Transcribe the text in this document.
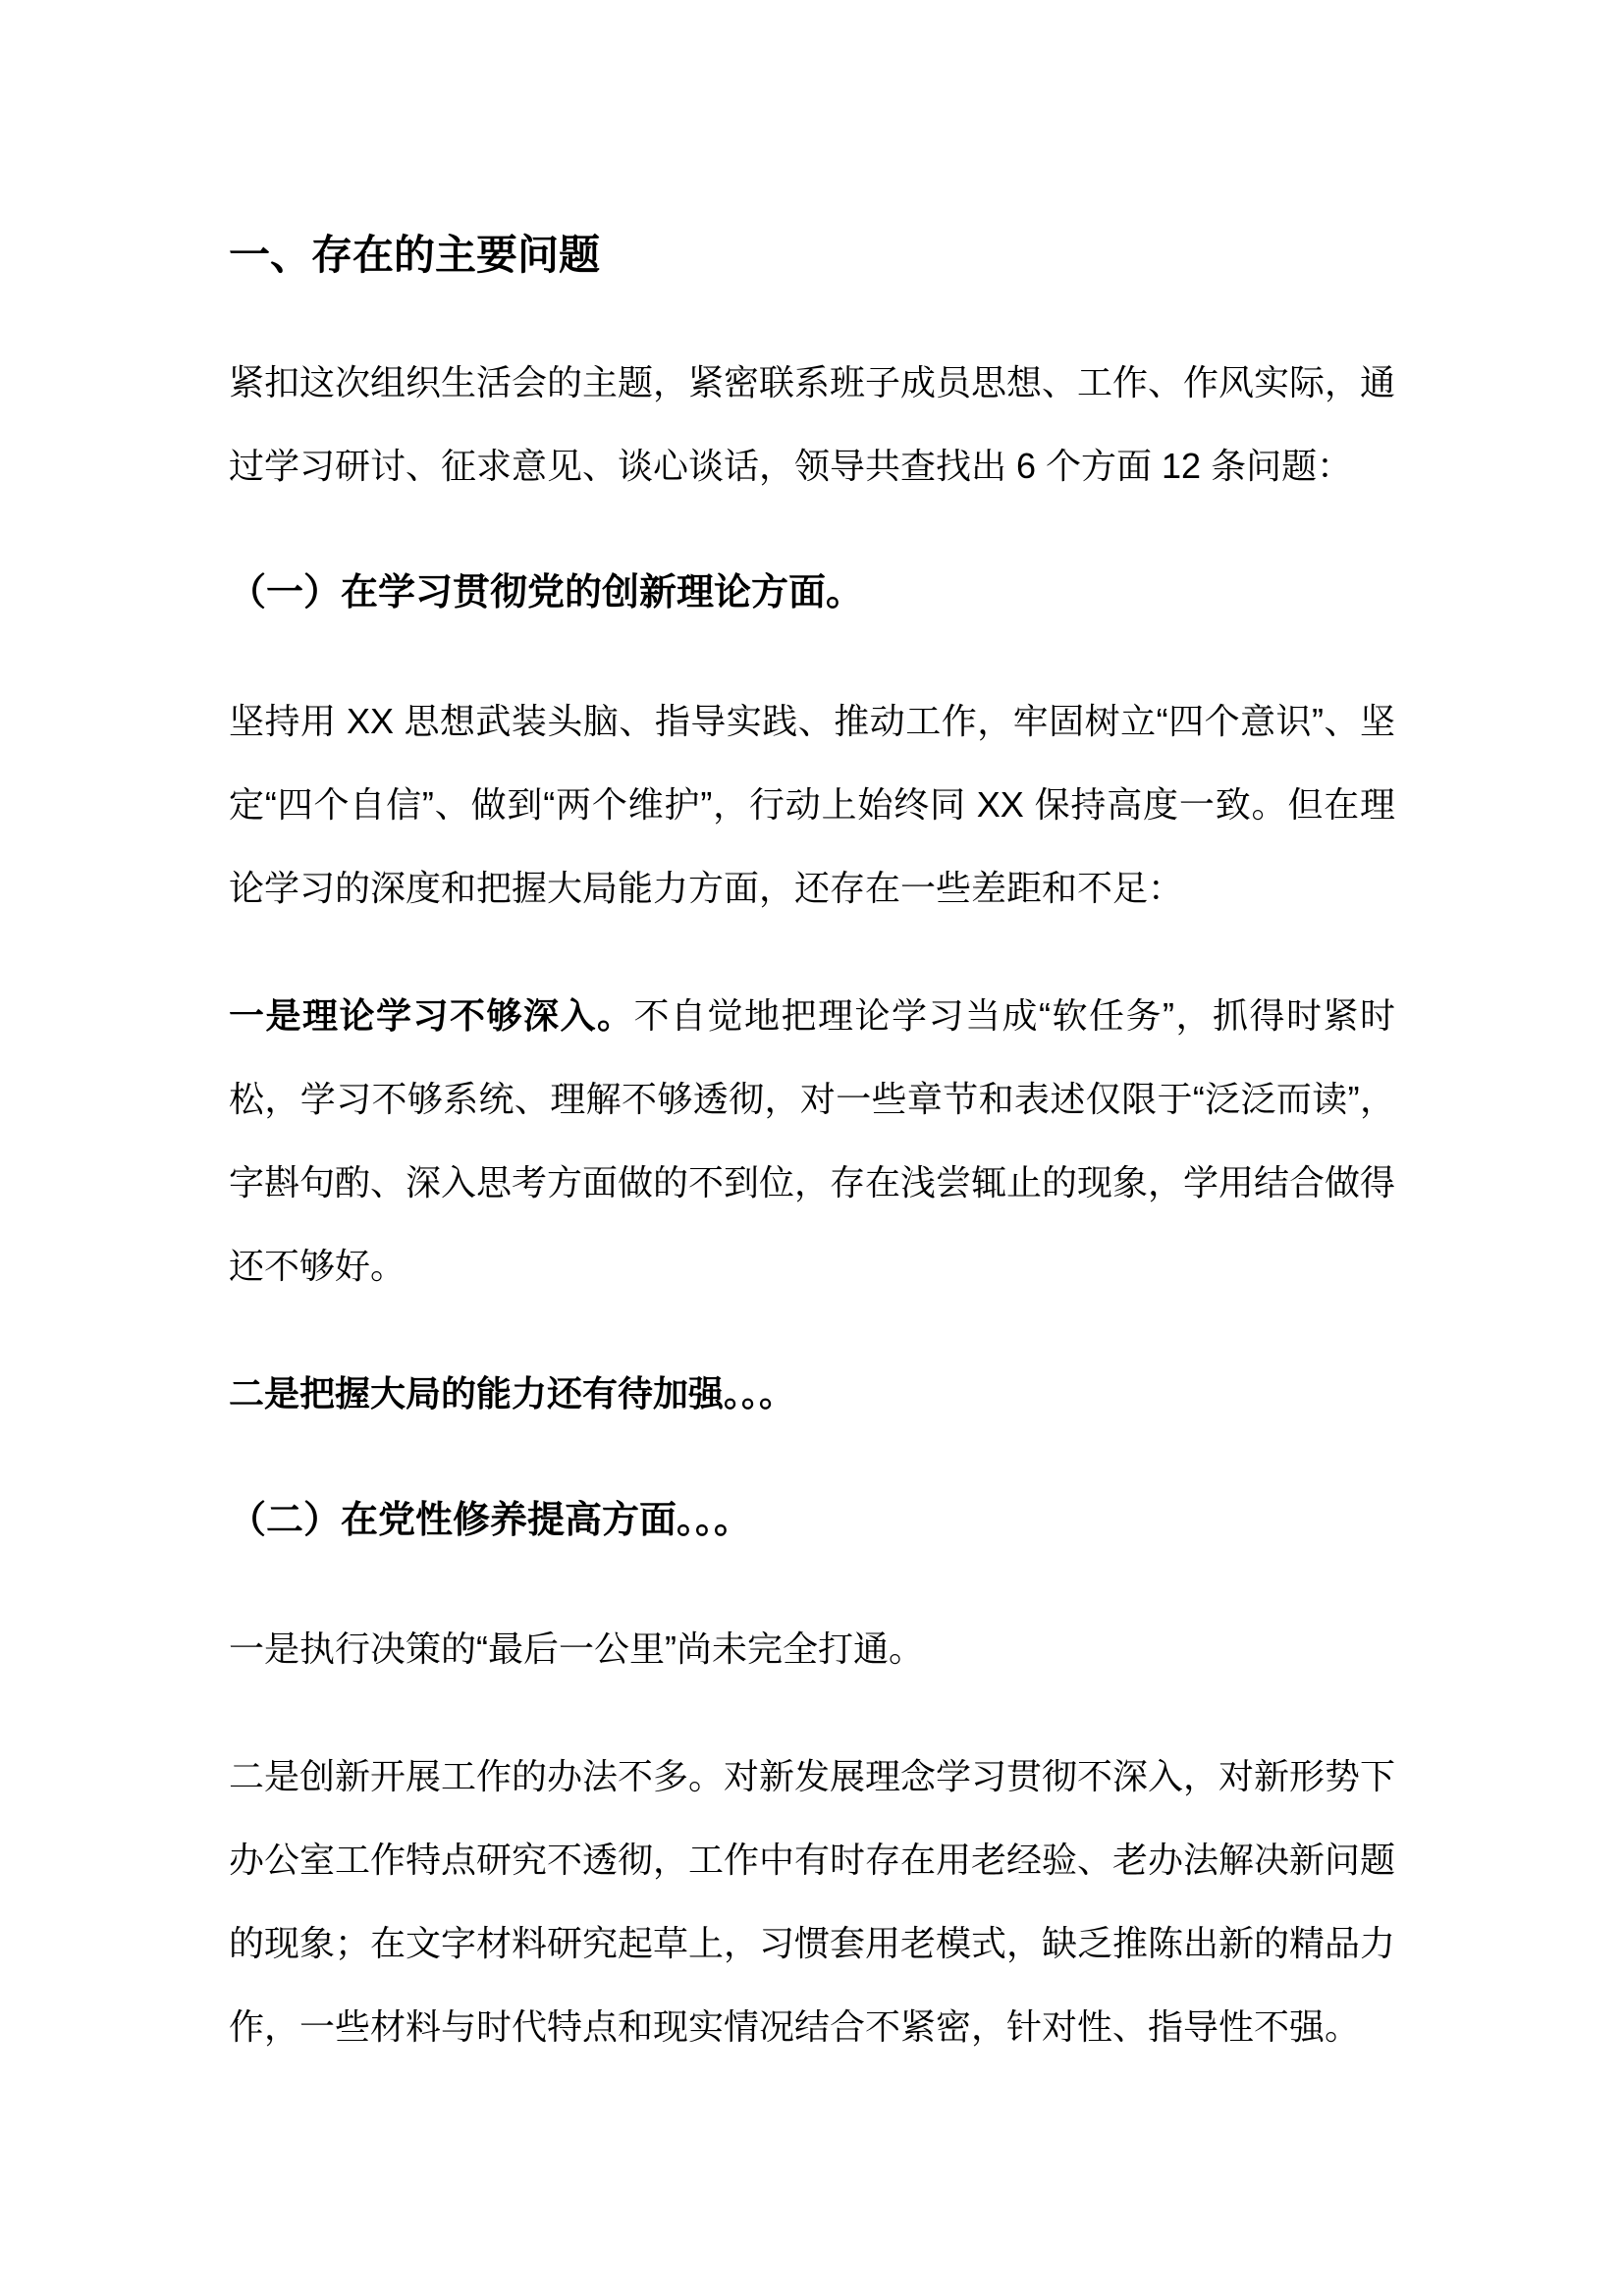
一、存在的主要问题

紧扣这次组织生活会的主题，紧密联系班子成员思想、工作、作风实际，通过学习研讨、征求意见、谈心谈话，领导共查找出 6 个方面 12 条问题：

（一）在学习贯彻党的创新理论方面。

坚持用 XX 思想武装头脑、指导实践、推动工作，牢固树立“四个意识”、坚定“四个自信”、做到“两个维护”，行动上始终同 XX 保持高度一致。但在理论学习的深度和把握大局能力方面，还存在一些差距和不足：

一是理论学习不够深入。不自觉地把理论学习当成“软任务”，抓得时紧时松，学习不够系统、理解不够透彻，对一些章节和表述仅限于“泛泛而读”，字斟句酌、深入思考方面做的不到位，存在浅尝辄止的现象，学用结合做得还不够好。

二是把握大局的能力还有待加强。。。

（二）在党性修养提高方面。。。

一是执行决策的“最后一公里”尚未完全打通。

二是创新开展工作的办法不多。对新发展理念学习贯彻不深入，对新形势下办公室工作特点研究不透彻，工作中有时存在用老经验、老办法解决新问题的现象；在文字材料研究起草上，习惯套用老模式，缺乏推陈出新的精品力作，一些材料与时代特点和现实情况结合不紧密，针对性、指导性不强。
